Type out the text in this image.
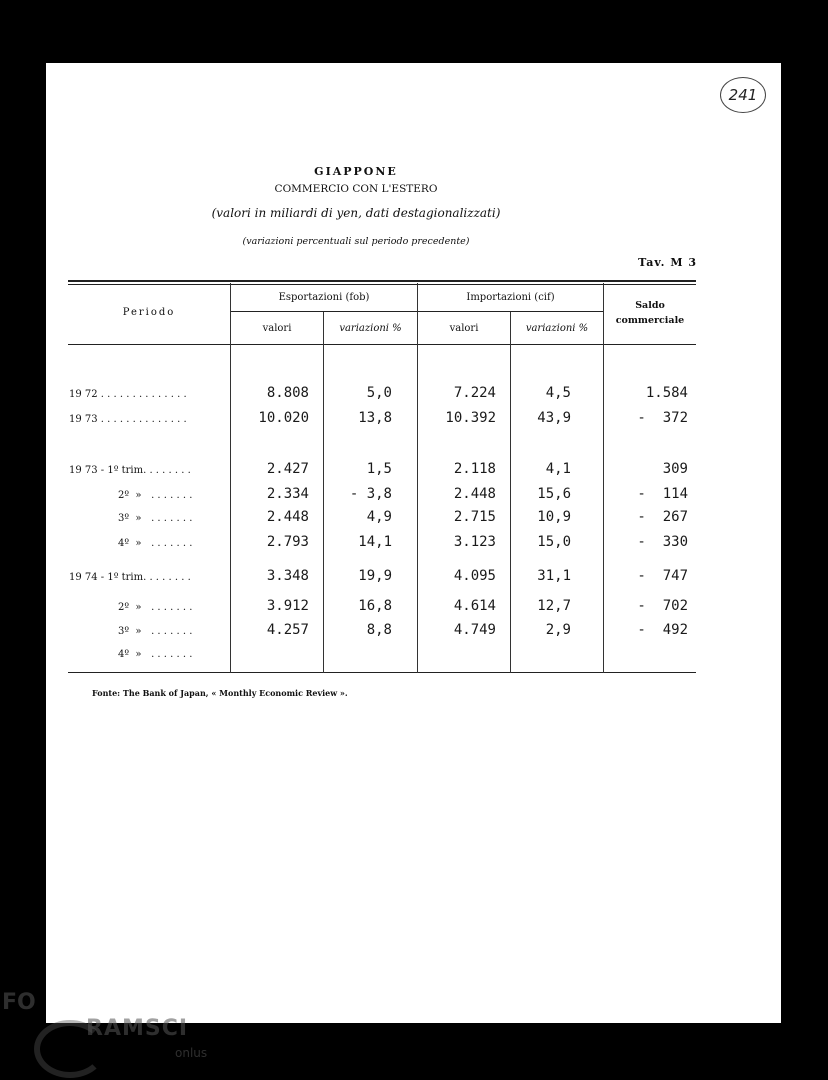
241
GIAPPONE
COMMERCIO CON L'ESTERO
(valori in miliardi di yen, dati destagionalizzati)
(variazioni percentuali sul periodo precedente)
Tav. M 3
Periodo
Esportazioni (fob)	Importazioni (cif)
Saldo
commerciale
valori	variazioni %	valori	variazioni %
19 72 . . . . . . . . . . . . . .	8.808	5,0	7.224	4,5	1.584
19 73 . . . . . . . . . . . . . .	10.020	13,8	10.392	43,9	-  372
19 73 - 1º trim. . . . . . . .	2.427	1,5	2.118	4,1	309
2º  »   . . . . . . .	2.334	- 3,8	2.448	15,6	-  114
3º  »   . . . . . . .	2.448	4,9	2.715	10,9	-  267
4º  »   . . . . . . .	2.793	14,1	3.123	15,0	-  330
19 74 - 1º trim. . . . . . . .	3.348	19,9	4.095	31,1	-  747
2º  »   . . . . . . .	3.912	16,8	4.614	12,7	-  702
3º  »   . . . . . . .	4.257	8,8	4.749	2,9	-  492
4º  »   . . . . . . .
Fonte: The Bank of Japan, « Monthly Economic Review ».
FO
RAMSCI
onlus
